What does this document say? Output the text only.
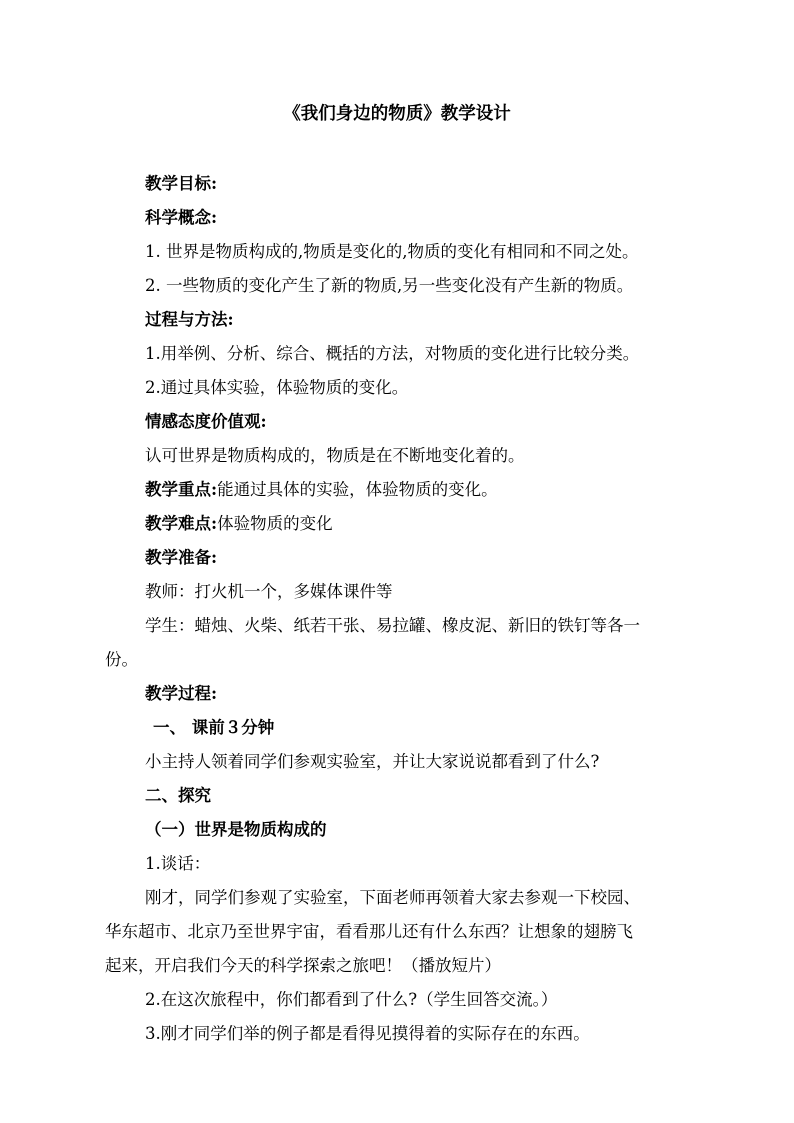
《我们身边的物质》教学设计
教学目标:
科学概念:
1. 世界是物质构成的,物质是变化的,物质的变化有相同和不同之处。
2. 一些物质的变化产生了新的物质,另一些变化没有产生新的物质。
过程与方法:
1.用举例、分析、综合、概括的方法，对物质的变化进行比较分类。
2.通过具体实验，体验物质的变化。
情感态度价值观:
认可世界是物质构成的，物质是在不断地变化着的。
教学重点:能通过具体的实验，体验物质的变化。
教学难点:体验物质的变化
教学准备:
教师：打火机一个，多媒体课件等
学生：蜡烛、火柴、纸若干张、易拉罐、橡皮泥、新旧的铁钉等各一
份。
教学过程:
一、 课前３分钟
小主持人领着同学们参观实验室，并让大家说说都看到了什么?
二、探究
（一）世界是物质构成的
1.谈话：
刚才，同学们参观了实验室，下面老师再领着大家去参观一下校园、
华东超市、北京乃至世界宇宙，看看那儿还有什么东西？让想象的翅膀飞
起来，开启我们今天的科学探索之旅吧！（播放短片）
2.在这次旅程中，你们都看到了什么?（学生回答交流。）
3.刚才同学们举的例子都是看得见摸得着的实际存在的东西。
